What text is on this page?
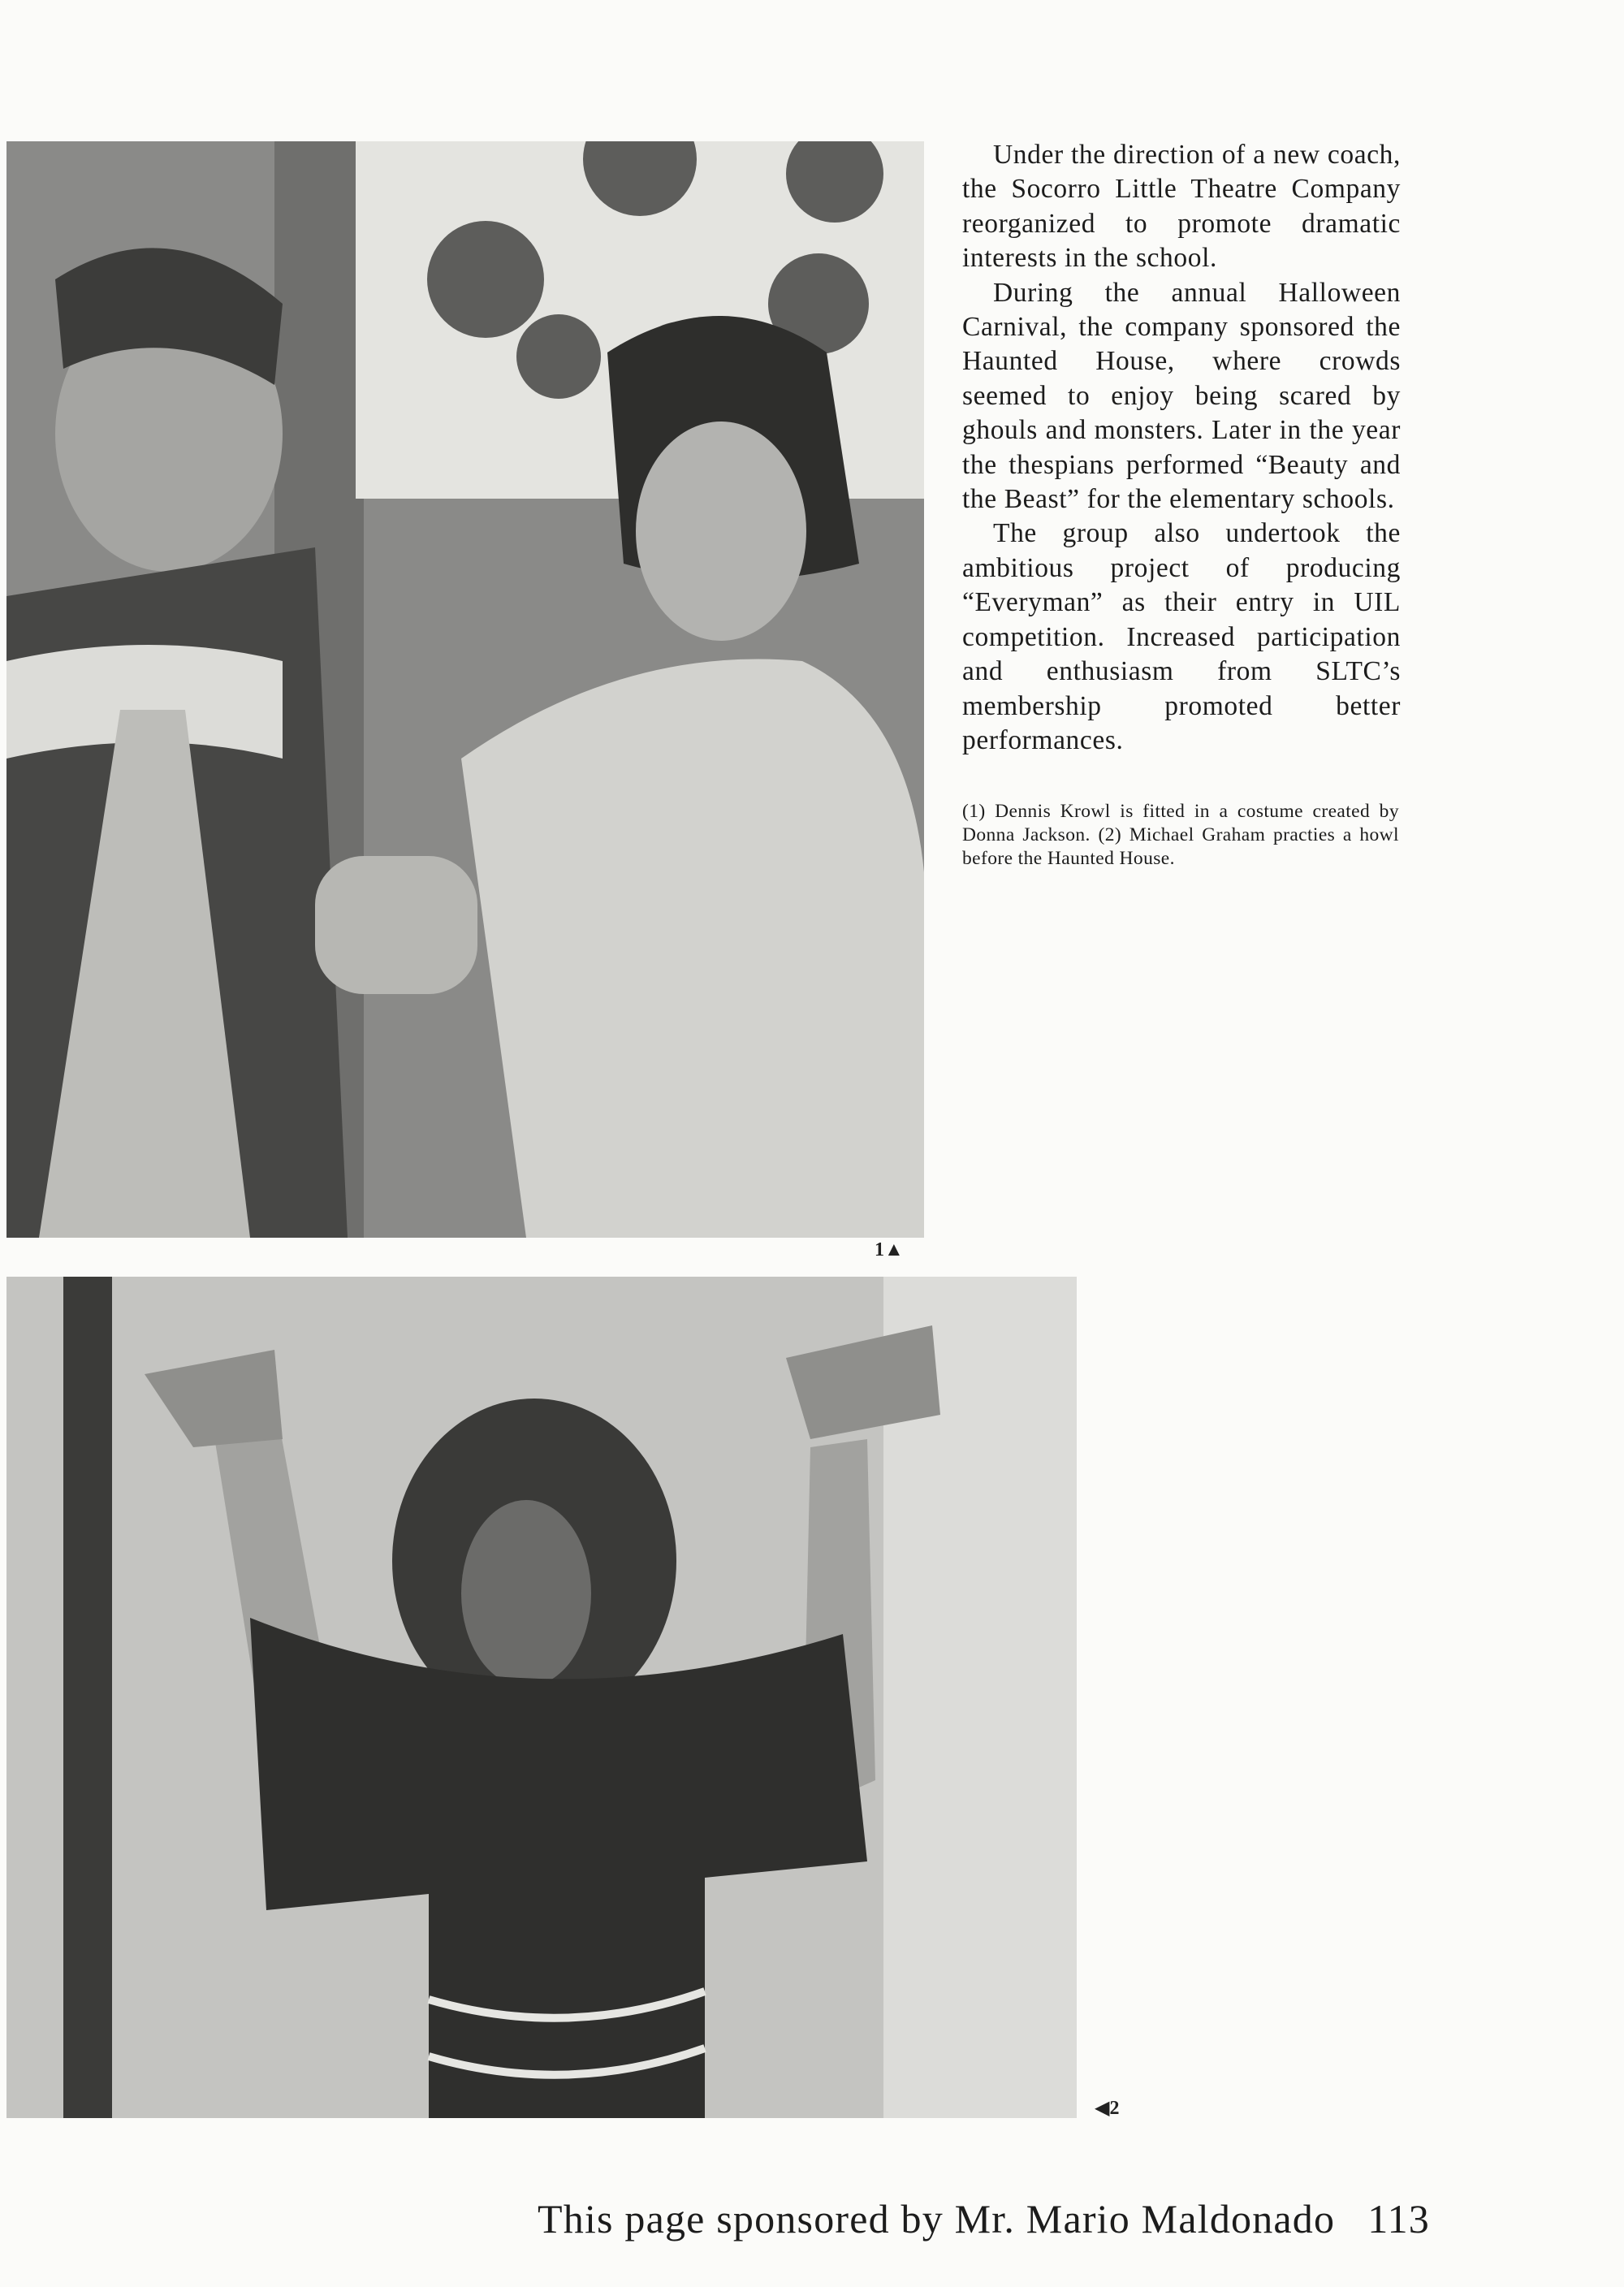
1▲

Under the direction of a new coach, the Socorro Little Theatre Company reorganized to promote dramatic interests in the school.

During the annual Halloween Carnival, the company sponsored the Haunted House, where crowds seemed to enjoy being scared by ghouls and monsters. Later in the year the thespians performed “Beauty and the Beast” for the elementary schools.

The group also undertook the ambitious project of producing “Everyman” as their entry in UIL competition. Increased participation and enthusiasm from SLTC’s membership promoted better performances.

(1) Dennis Krowl is fitted in a costume created by Donna Jackson. (2) Michael Graham practies a howl before the Haunted House.
◀2
This page sponsored by Mr. Mario Maldonado 113
